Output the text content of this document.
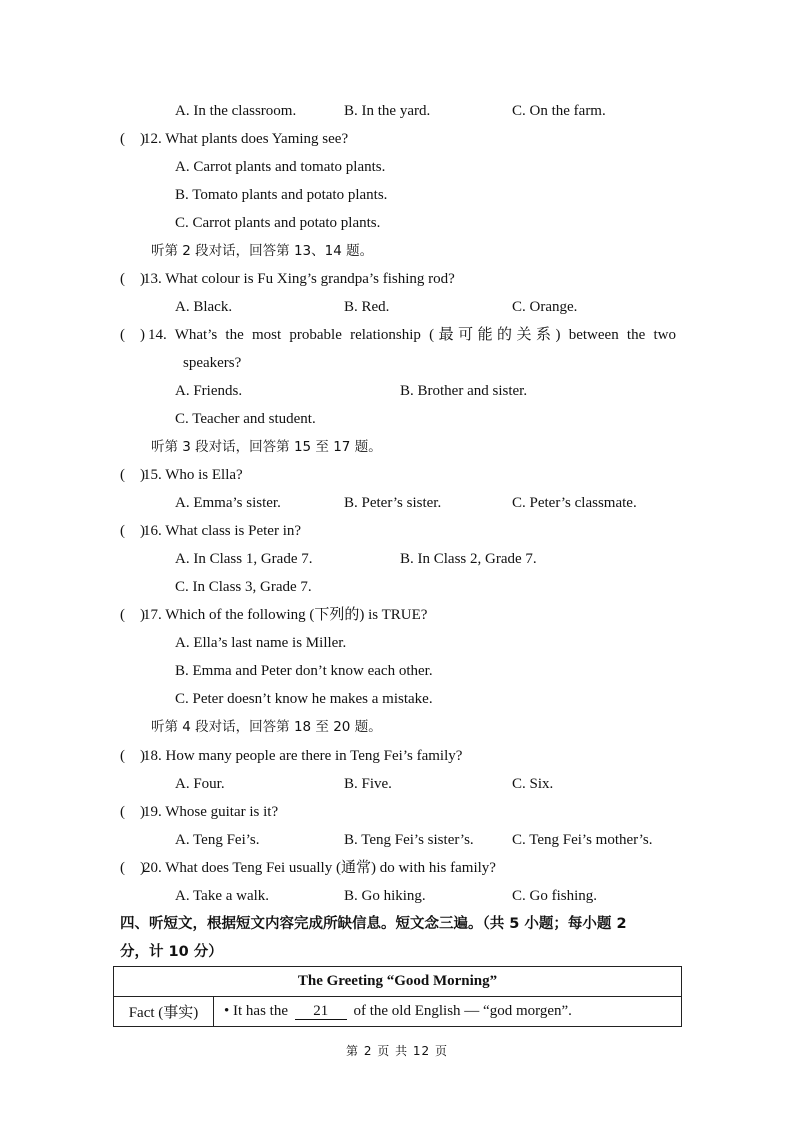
A. In the classroom.	B. In the yard.	C. On the farm.
(　)
12. What plants does Yaming see?
A. Carrot plants and tomato plants.
B. Tomato plants and potato plants.
C. Carrot plants and potato plants.
听第 2 段对话，回答第 13、14 题。
(　)
13. What colour is Fu Xing’s grandpa’s fishing rod?
A. Black.	B. Red.	C. Orange.
(　) 14. What’s the most probable relationship (最可能的关系) between the two
speakers?
A. Friends.	B. Brother and sister.
C. Teacher and student.
听第 3 段对话，回答第 15 至 17 题。
(　)
15. Who is Ella?
A. Emma’s sister.	B. Peter’s sister.	C. Peter’s classmate.
(　)
16. What class is Peter in?
A. In Class 1, Grade 7.	B. In Class 2, Grade 7.
C. In Class 3, Grade 7.
(　)
17. Which of the following (下列的) is TRUE?
A. Ella’s last name is Miller.
B. Emma and Peter don’t know each other.
C. Peter doesn’t know he makes a mistake.
听第 4 段对话，回答第 18 至 20 题。
(　)
18. How many people are there in Teng Fei’s family?
A. Four.	B. Five.	C. Six.
(　)
19. Whose guitar is it?
A. Teng Fei’s.	B. Teng Fei’s sister’s.	C. Teng Fei’s mother’s.
(　)
20. What does Teng Fei usually (通常) do with his family?
A. Take a walk.	B. Go hiking.	C. Go fishing.
四、听短文，根据短文内容完成所缺信息。短文念三遍。（共 5 小题；每小题 2
分，计 10 分）
The Greeting “Good Morning”
Fact (事实)	• It has the 21 of the old English — “god morgen”.
第 2 页 共 12 页
